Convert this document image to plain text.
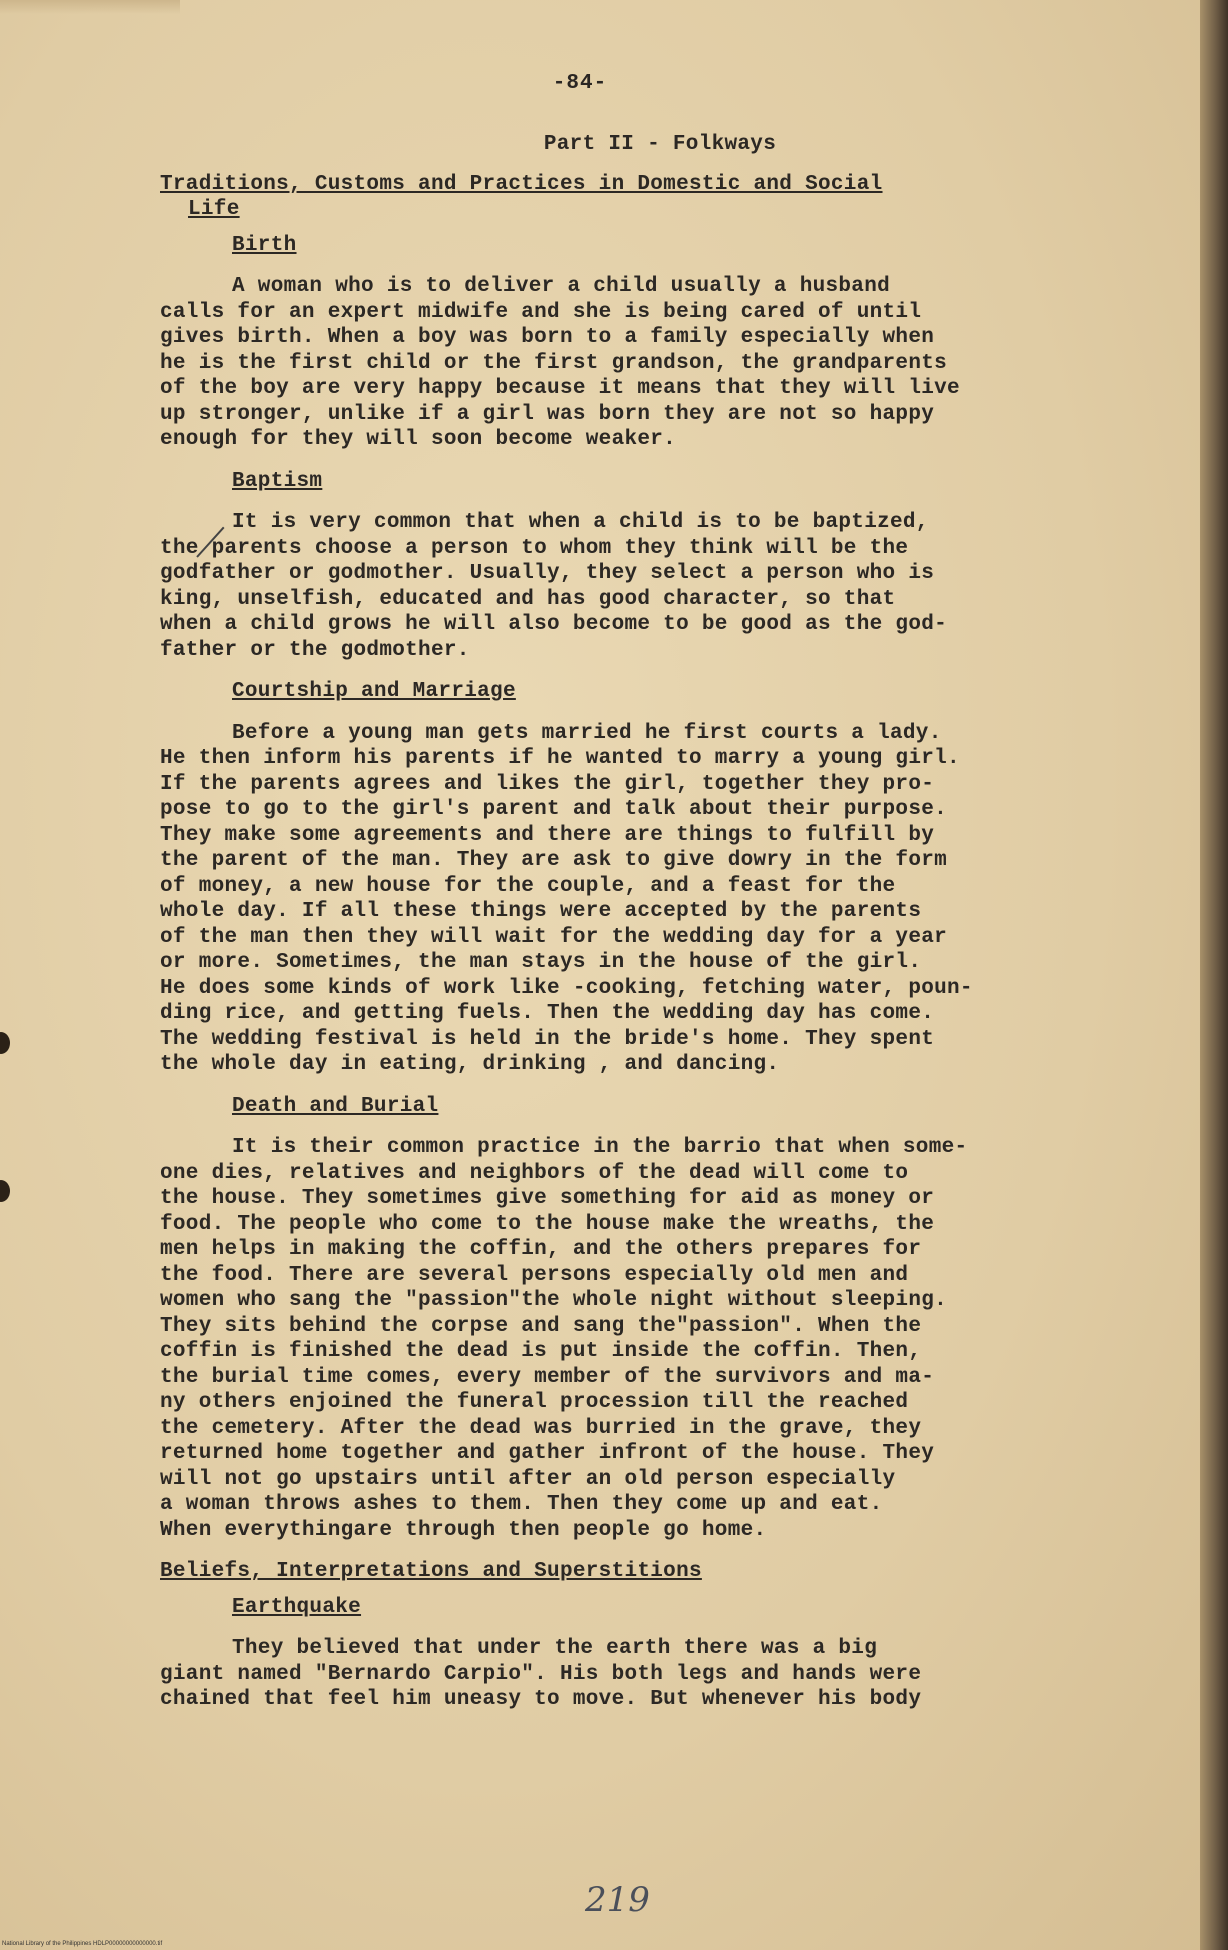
-84-
Part II - Folkways
Traditions, Customs and Practices in Domestic and Social
Life
Birth
A woman who is to deliver a child usually a husband
calls for an expert midwife and she is being cared of until
gives birth. When a boy was born to a family especially when
he is the first child or the first grandson, the grandparents
of the boy are very happy because it means that they will live
up stronger, unlike if a girl was born they are not so happy
enough for they will soon become weaker.
Baptism
It is very common that when a child is to be baptized,
the parents choose a person to whom they think will be the
godfather or godmother. Usually, they select a person who is
king, unselfish, educated and has good character, so that
when a child grows he will also become to be good as the god-
father or the godmother.
Courtship and Marriage
Before a young man gets married he first courts a lady.
He then inform his parents if he wanted to marry a young girl.
If the parents agrees and likes the girl, together they pro-
pose to go to the girl's parent and talk about their purpose.
They make some agreements and there are things to fulfill by
the parent of the man. They are ask to give dowry in the form
of money, a new house for the couple, and a feast for the
whole day. If all these things were accepted by the parents
of the man then they will wait for the wedding day for a year
or more. Sometimes, the man stays in the house of the girl.
He does some kinds of work like -cooking, fetching water, poun-
ding rice, and getting fuels. Then the wedding day has come.
The wedding festival is held in the bride's home. They spent
the whole day in eating, drinking , and dancing.
Death and Burial
It is their common practice in the barrio that when some-
one dies, relatives and neighbors of the dead will come to
the house. They sometimes give something for aid as money or
food. The people who come to the house make the wreaths, the
men helps in making the coffin, and the others prepares for
the food. There are several persons especially old men and
women who sang the "passion"the whole night without sleeping.
They sits behind the corpse and sang the"passion". When the
coffin is finished the dead is put inside the coffin. Then,
the burial time comes, every member of the survivors and ma-
ny others enjoined the funeral procession till the reached
the cemetery. After the dead was burried in the grave, they
returned home together and gather infront of the house. They
will not go upstairs until after an old person especially
a woman throws ashes to them. Then they come up and eat.
When everythingare through then people go home.
Beliefs, Interpretations and Superstitions
Earthquake
They believed that under the earth there was a big
giant named "Bernardo Carpio". His both legs and hands were
chained that feel him uneasy to move. But whenever his body
219
National Library of the Philippines HDLP00000000000000.tif
